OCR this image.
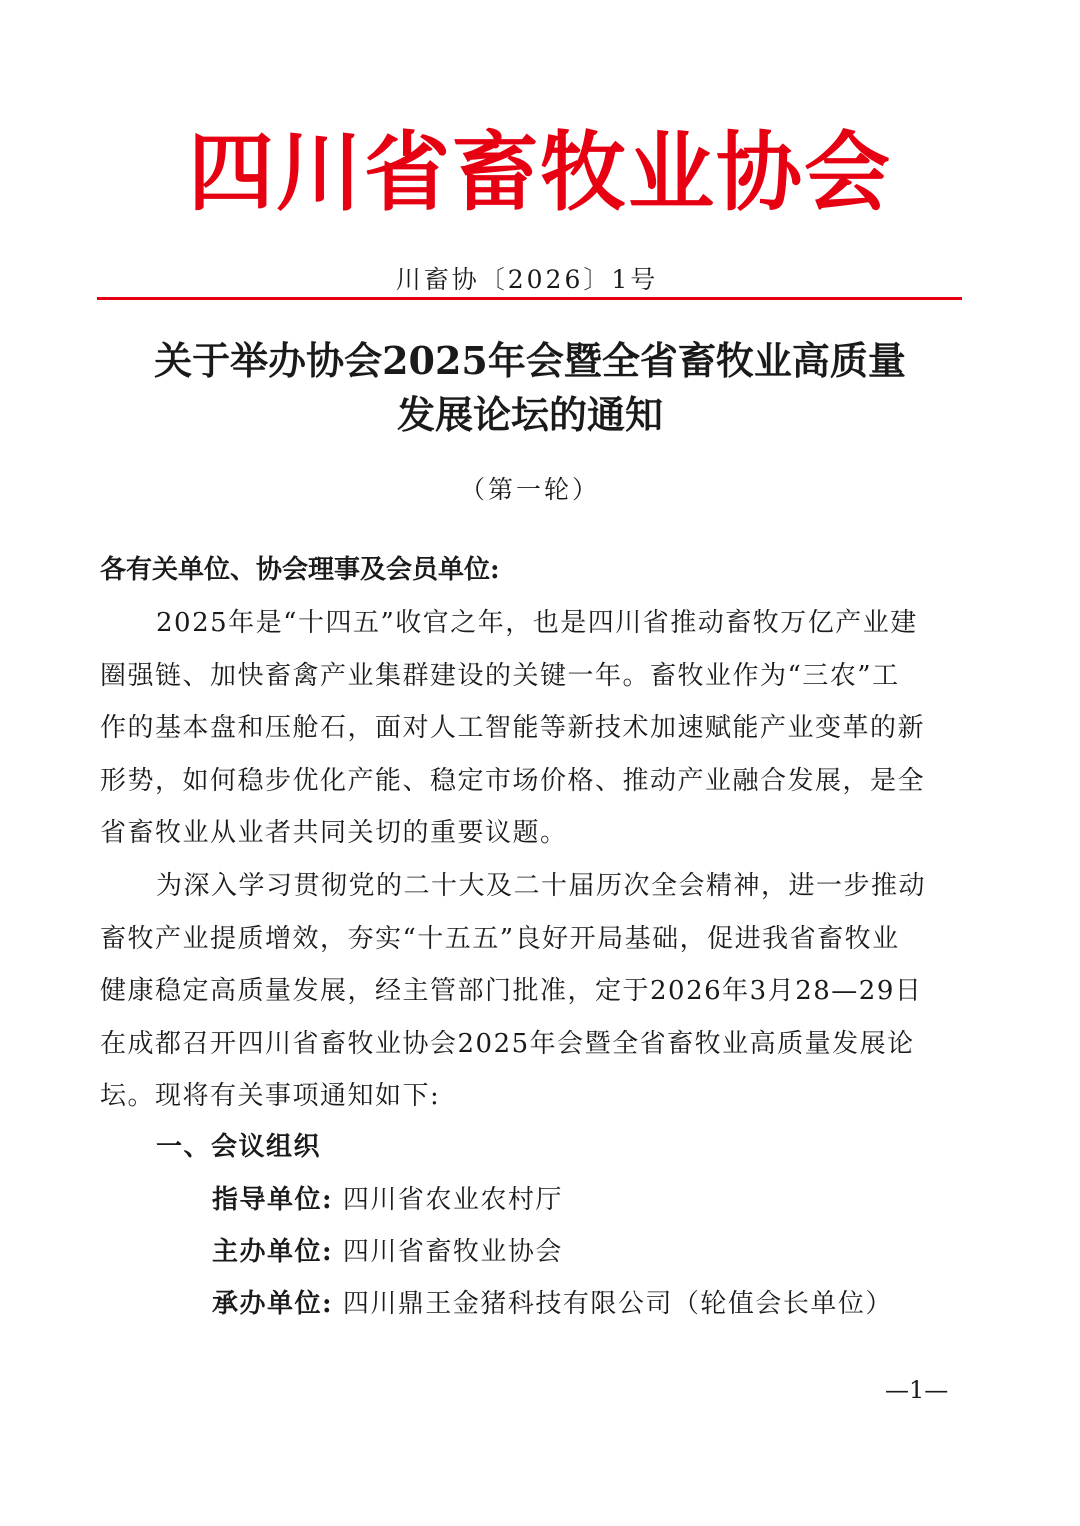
四川省畜牧业协会
川畜协〔2026〕1号
关于举办协会2025年会暨全省畜牧业高质量
发展论坛的通知
（第一轮）
各有关单位、协会理事及会员单位:
2025年是“十四五”收官之年，也是四川省推动畜牧万亿产业建
圈强链、加快畜禽产业集群建设的关键一年。畜牧业作为“三农”工
作的基本盘和压舱石，面对人工智能等新技术加速赋能产业变革的新
形势，如何稳步优化产能、稳定市场价格、推动产业融合发展，是全
省畜牧业从业者共同关切的重要议题。
为深入学习贯彻党的二十大及二十届历次全会精神，进一步推动
畜牧产业提质增效，夯实“十五五”良好开局基础，促进我省畜牧业
健康稳定高质量发展，经主管部门批准，定于2026年3月28—29日
在成都召开四川省畜牧业协会2025年会暨全省畜牧业高质量发展论
坛。现将有关事项通知如下:
一、会议组织
指导单位: 四川省农业农村厅
主办单位: 四川省畜牧业协会
承办单位: 四川鼎王金猪科技有限公司（轮值会长单位）
—1—
